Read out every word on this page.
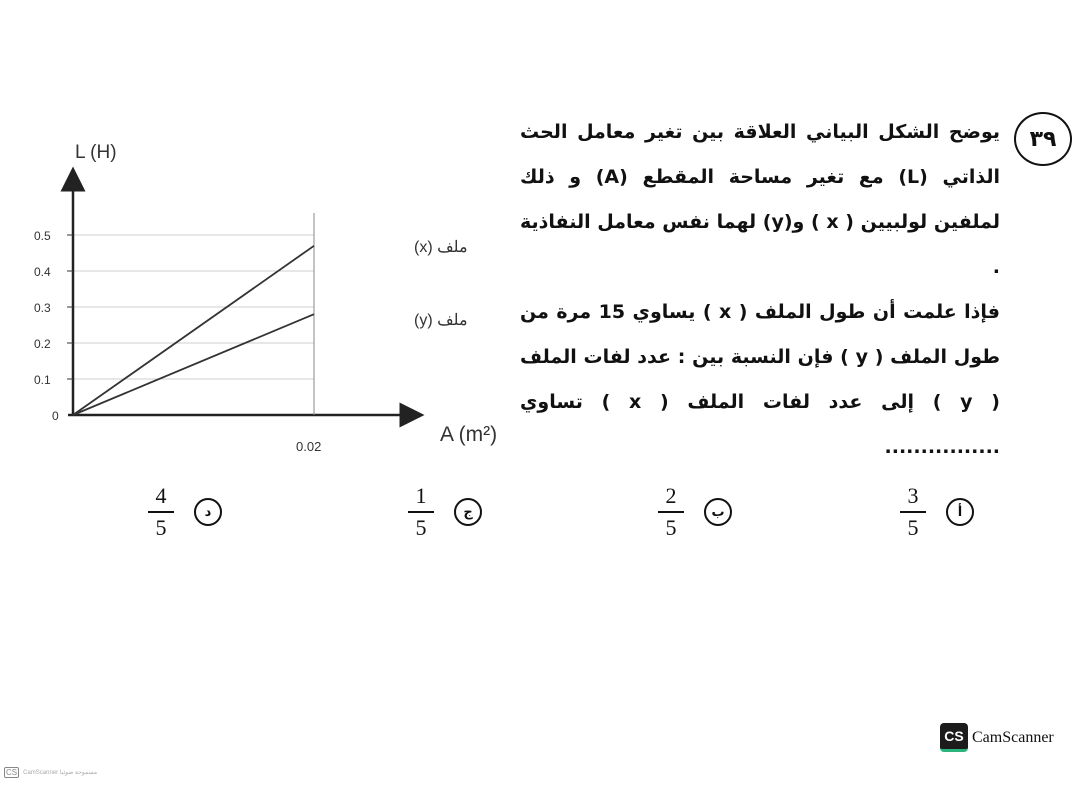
٣٩

يوضح الشكل البياني العلاقة بين تغير معامل الحث الذاتي (L) مع تغير مساحة المقطع (A) و ذلك لملفين لولبيين ( x ) و(y) لهما نفس معامل النفاذية .

فإذا علمت أن طول الملف ( x ) يساوي 15 مرة من طول الملف ( y ) فإن النسبة بين : عدد لفات الملف ( y ) إلى عدد لفات الملف ( x ) تساوي ................

ملف (x)
ملف (y)
0
0.1
0.2
0.3
0.4
0.5
0.02
L (H)
A (m²)
$\frac{3}{5}$	أ
$\frac{2}{5}$	ب
$\frac{1}{5}$	ج
$\frac{4}{5}$	د
CS CamScanner
CS	CamScanner مسموحة ضوئيا
